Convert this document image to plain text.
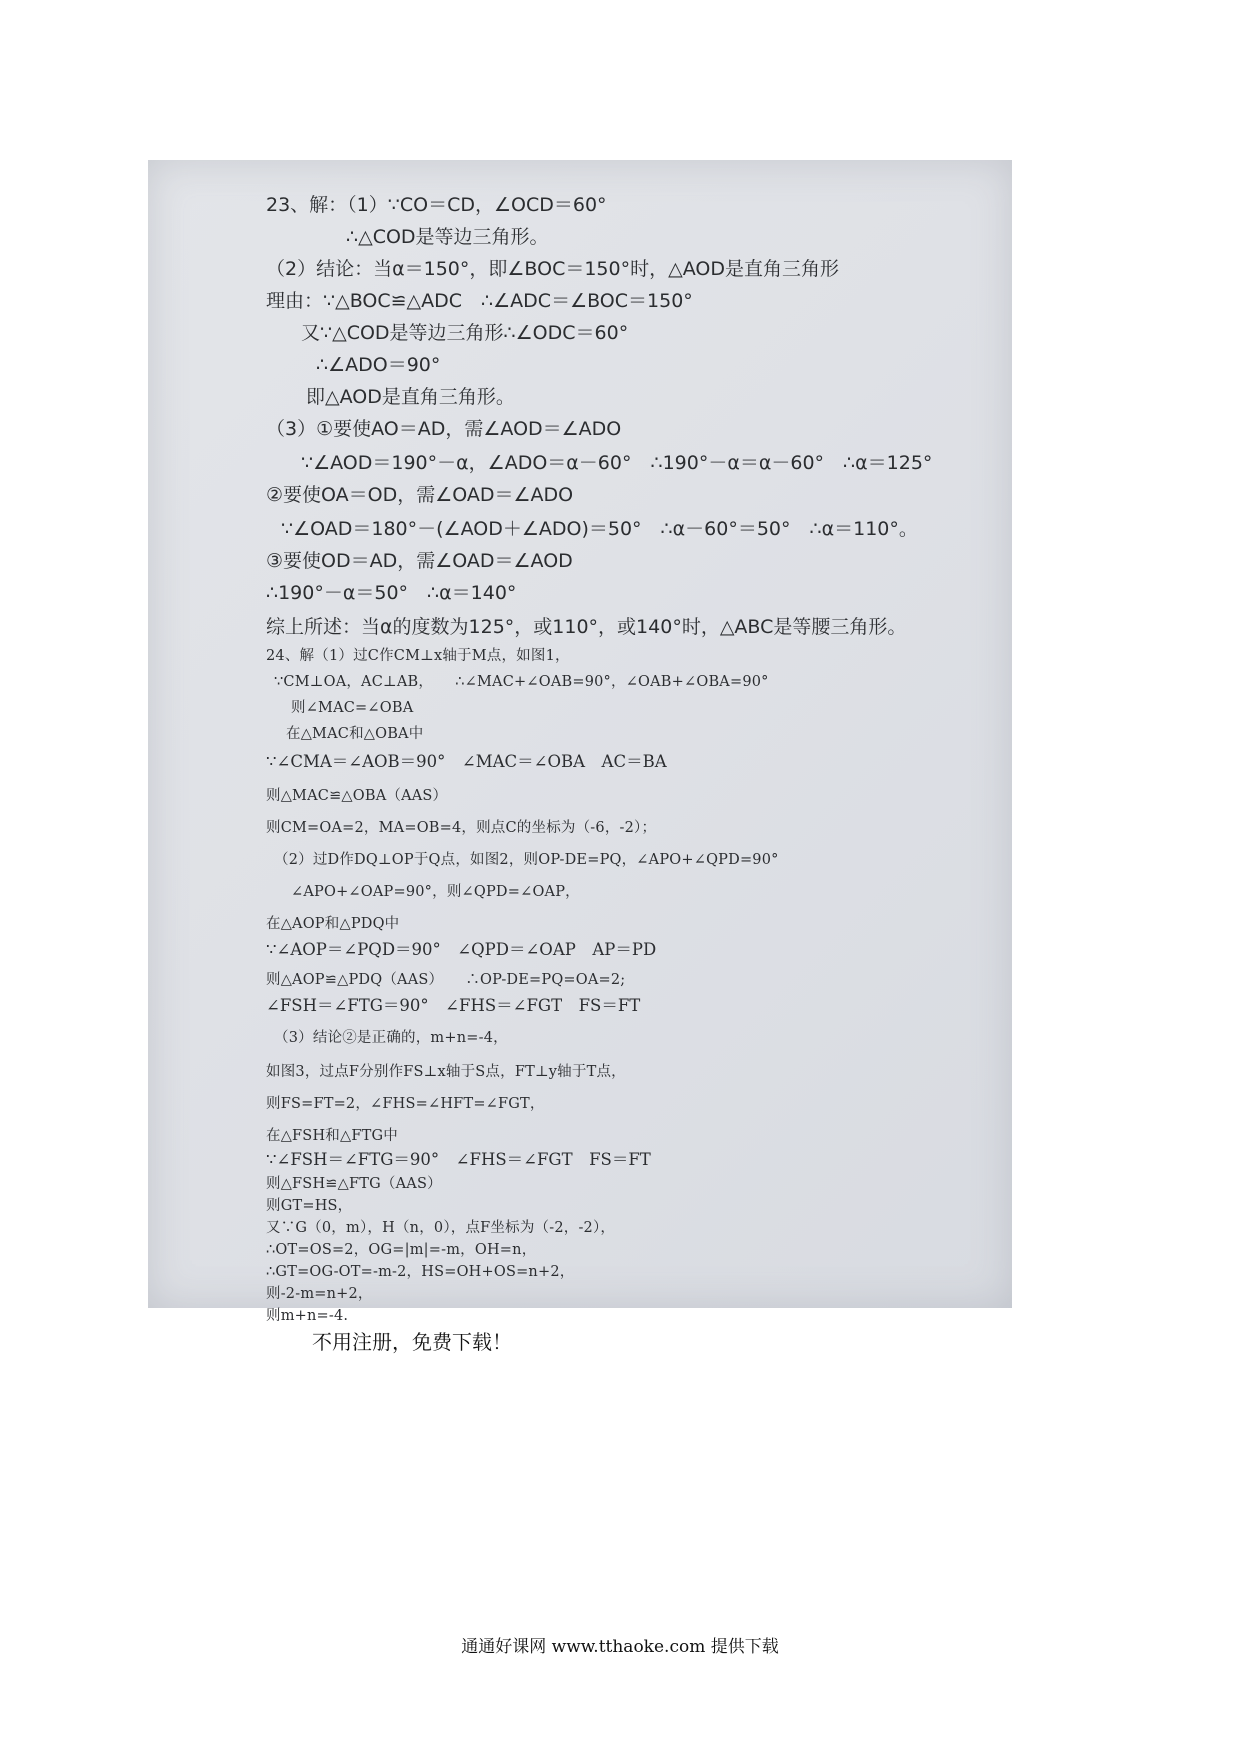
23、解：（1）∵CO＝CD，∠OCD＝60°
∴△COD是等边三角形。
（2）结论：当α＝150°，即∠BOC＝150°时，△AOD是直角三角形
理由：∵△BOC≌△ADC　∴∠ADC＝∠BOC＝150°
又∵△COD是等边三角形∴∠ODC＝60°
∴∠ADO＝90°
即△AOD是直角三角形。
（3）①要使AO＝AD，需∠AOD＝∠ADO
∵∠AOD＝190°－α，∠ADO＝α－60°　∴190°－α＝α－60°　∴α＝125°
②要使OA＝OD，需∠OAD＝∠ADO
∵∠OAD＝180°－(∠AOD＋∠ADO)＝50°　∴α－60°＝50°　∴α＝110°。
③要使OD＝AD，需∠OAD＝∠AOD
∴190°－α＝50°　∴α＝140°
综上所述：当α的度数为125°，或110°，或140°时，△ABC是等腰三角形。
24、解（1）过C作CM⊥x轴于M点，如图1，
∵CM⊥OA，AC⊥AB，　　∴∠MAC+∠OAB=90°，∠OAB+∠OBA=90°
则∠MAC=∠OBA
在△MAC和△OBA中
∵∠CMA＝∠AOB＝90°　∠MAC＝∠OBA　AC＝BA
则△MAC≌△OBA（AAS）
则CM=OA=2，MA=OB=4，则点C的坐标为（-6，-2）；
（2）过D作DQ⊥OP于Q点，如图2，则OP-DE=PQ，∠APO+∠QPD=90°
∠APO+∠OAP=90°，则∠QPD=∠OAP，
在△AOP和△PDQ中
∵∠AOP＝∠PQD＝90°　∠QPD＝∠OAP　AP＝PD
则△AOP≌△PDQ（AAS）　　∴OP-DE=PQ=OA=2;
∠FSH＝∠FTG＝90°　∠FHS＝∠FGT　FS＝FT
（3）结论②是正确的，m+n=-4，
如图3，过点F分别作FS⊥x轴于S点，FT⊥y轴于T点，
则FS=FT=2，∠FHS=∠HFT=∠FGT，
在△FSH和△FTG中
∵∠FSH＝∠FTG＝90°　∠FHS＝∠FGT　FS＝FT
则△FSH≌△FTG（AAS）
则GT=HS，
又∵G（0，m），H（n，0），点F坐标为（-2，-2），
∴OT=OS=2，OG=|m|=-m，OH=n，
∴GT=OG-OT=-m-2，HS=OH+OS=n+2，
则-2-m=n+2，
则m+n=-4.
不用注册，免费下载！
通通好课网 www.tthaoke.com 提供下载
